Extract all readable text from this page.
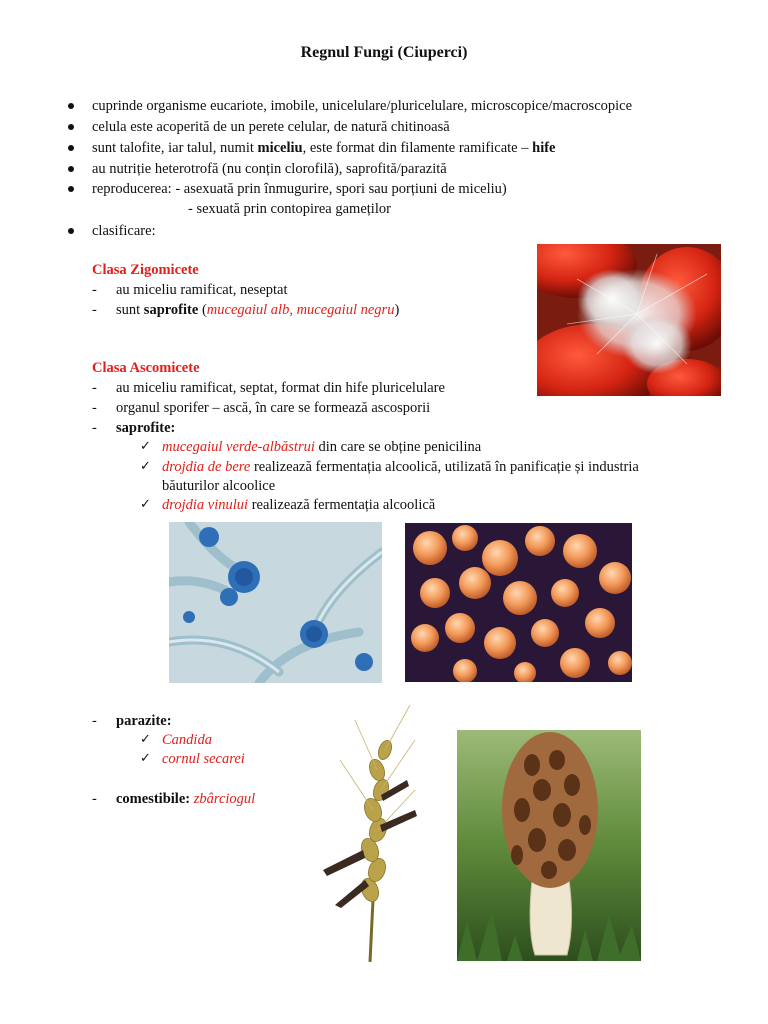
Regnul Fungi (Ciuperci)
cuprinde organisme eucariote, imobile, unicelulare/pluricelulare, microscopice/macroscopice
celula este acoperită de un perete celular, de natură chitinoasă
sunt talofite, iar talul, numit miceliu, este format din filamente ramificate – hife
au nutriție heterotrofă (nu conțin clorofilă), saprofită/parazită
reproducerea: - asexuată prin înmugurire, spori sau porțiuni de miceliu)
- sexuată prin contopirea gameților
clasificare:
Clasa Zigomicete
- au miceliu ramificat, neseptat
- sunt saprofite (mucegaiul alb, mucegaiul negru)
Clasa Ascomicete
- au miceliu ramificat, septat, format din hife pluricelulare
- organul sporifer – ască, în care se formează ascosporii
- saprofite:
✓ mucegaiul verde-albăstrui din care se obține penicilina
✓ drojdia de bere realizează fermentația alcoolică, utilizată în panificație și industria
băuturilor alcoolice
✓ drojdia vinului realizează fermentația alcoolică
- parazite:
✓ Candida
✓ cornul secarei
- comestibile: zbârciogul
